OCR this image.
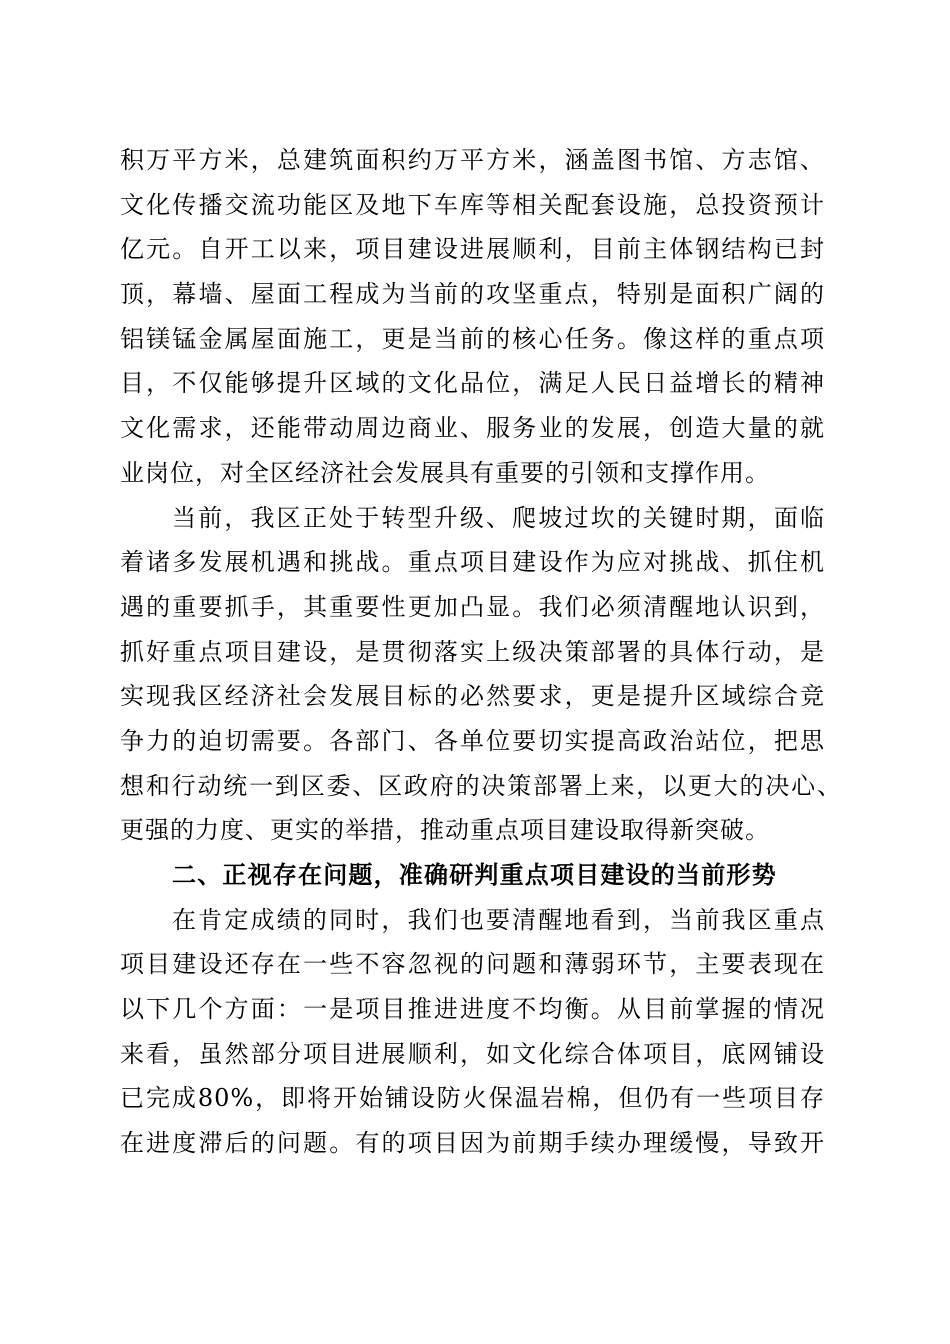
积万平方米，总建筑面积约万平方米，涵盖图书馆、方志馆、
文化传播交流功能区及地下车库等相关配套设施，总投资预计
亿元。自开工以来，项目建设进展顺利，目前主体钢结构已封
顶，幕墙、屋面工程成为当前的攻坚重点，特别是面积广阔的
铝镁锰金属屋面施工，更是当前的核心任务。像这样的重点项
目，不仅能够提升区域的文化品位，满足人民日益增长的精神
文化需求，还能带动周边商业、服务业的发展，创造大量的就
业岗位，对全区经济社会发展具有重要的引领和支撑作用。
当前，我区正处于转型升级、爬坡过坎的关键时期，面临
着诸多发展机遇和挑战。重点项目建设作为应对挑战、抓住机
遇的重要抓手，其重要性更加凸显。我们必须清醒地认识到，
抓好重点项目建设，是贯彻落实上级决策部署的具体行动，是
实现我区经济社会发展目标的必然要求，更是提升区域综合竞
争力的迫切需要。各部门、各单位要切实提高政治站位，把思
想和行动统一到区委、区政府的决策部署上来，以更大的决心、
更强的力度、更实的举措，推动重点项目建设取得新突破。
二、正视存在问题，准确研判重点项目建设的当前形势
在肯定成绩的同时，我们也要清醒地看到，当前我区重点
项目建设还存在一些不容忽视的问题和薄弱环节，主要表现在
以下几个方面：一是项目推进进度不均衡。从目前掌握的情况
来看，虽然部分项目进展顺利，如文化综合体项目，底网铺设
已完成80%，即将开始铺设防火保温岩棉，但仍有一些项目存
在进度滞后的问题。有的项目因为前期手续办理缓慢，导致开
